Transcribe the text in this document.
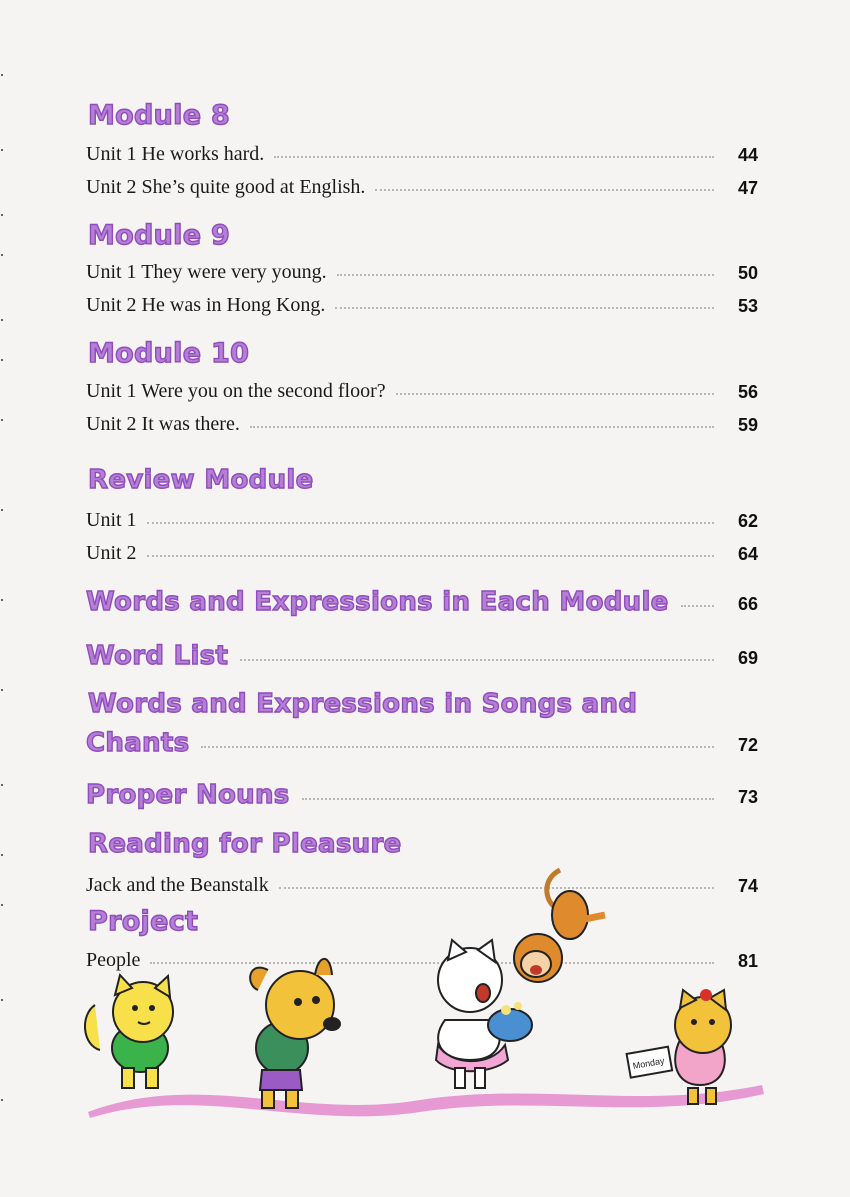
Module 8
Unit 1 He works hard.	44
Unit 2 She’s quite good at English.	47
Module 9
Unit 1 They were very young.	50
Unit 2 He was in Hong Kong.	53
Module 10
Unit 1 Were you on the second floor?	56
Unit 2 It was there.	59
Review Module
Unit 1	62
Unit 2	64
Words and Expressions in Each Module	66
Word List	69
Words and Expressions in Songs and
Chants	72
Proper Nouns	73
Reading for Pleasure
Jack and the Beanstalk	74
Project
People	81
Monday
